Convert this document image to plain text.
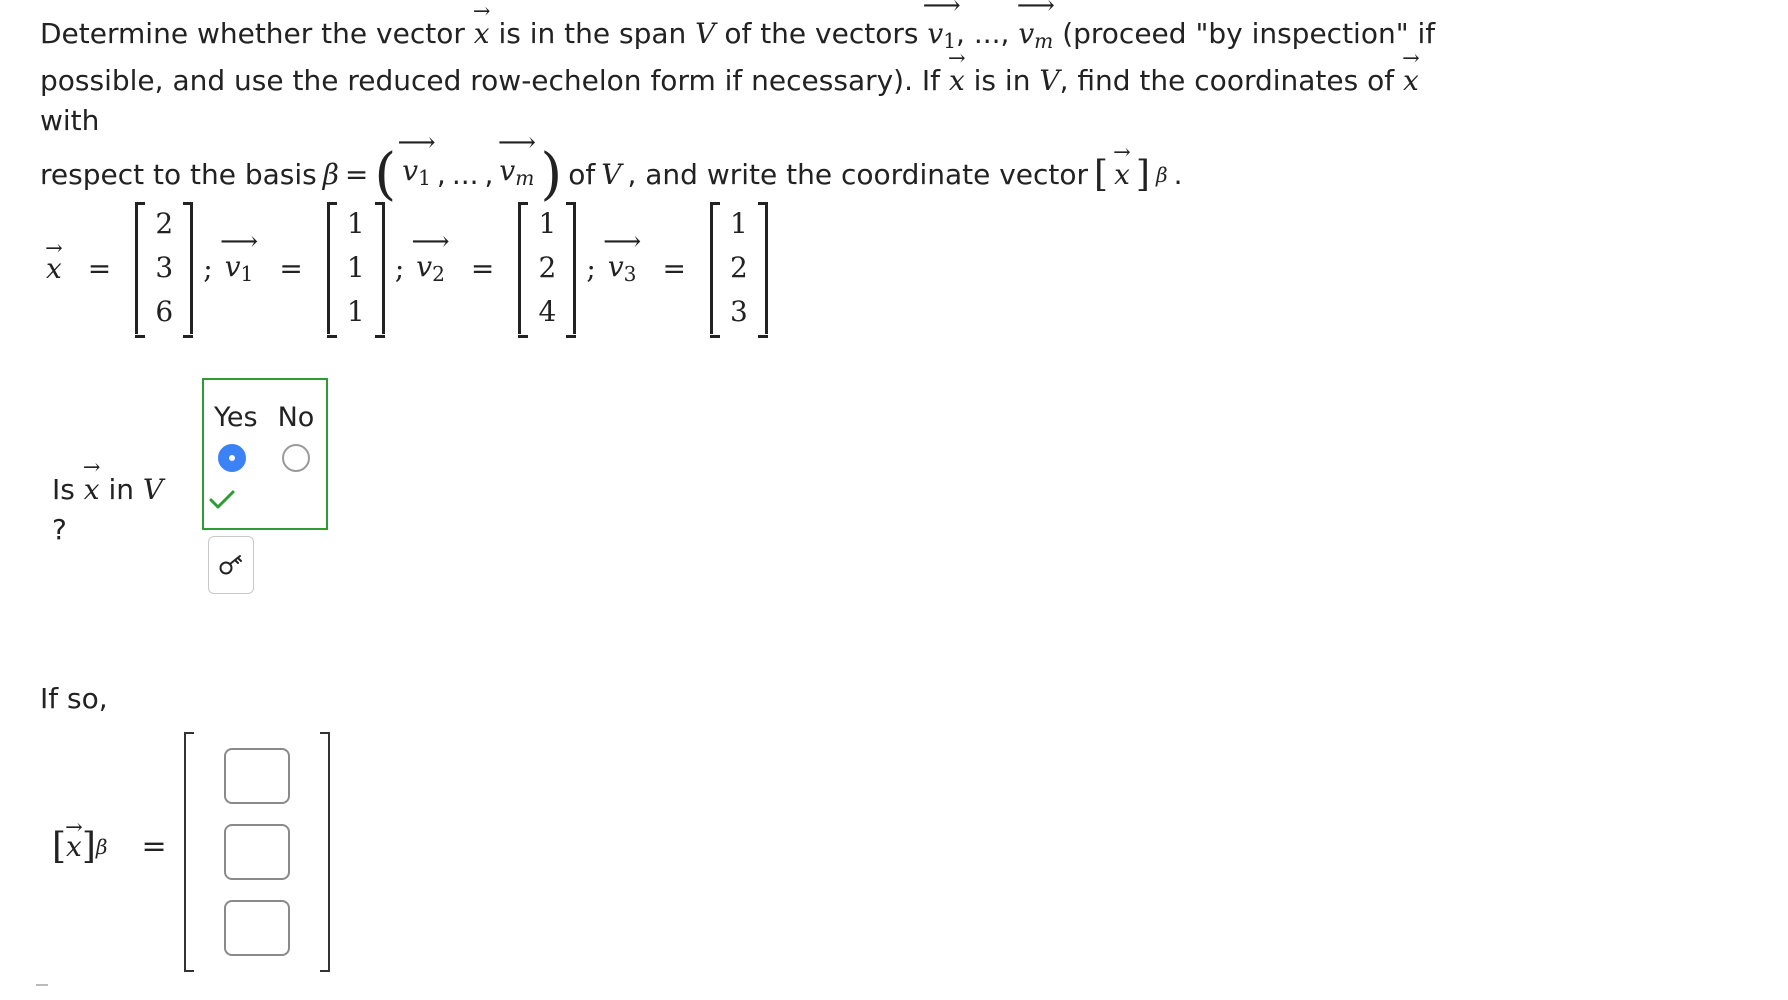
Determine whether the vector → x is in the span V of the vectors ⟶ $v_1$, ..., ⟶ vm (proceed "by inspection" if

possible, and use the reduced row-echelon form if necessary). If → x is in V, find the coordinates of → x with

respect to the basis β = ( ⟶ $v_1$ , ... , ⟶ vm ) of V , and write the coordinate vector [ → x ] β .

→ x =
2
3
6
; ⟶ $v_1$ =
1
1
1
; ⟶ $v_2$ =
1
2
4
; ⟶ $v_3$ =
1
2
3
Is → x in V
?
Yes No
If so,
[ → x ] β =
